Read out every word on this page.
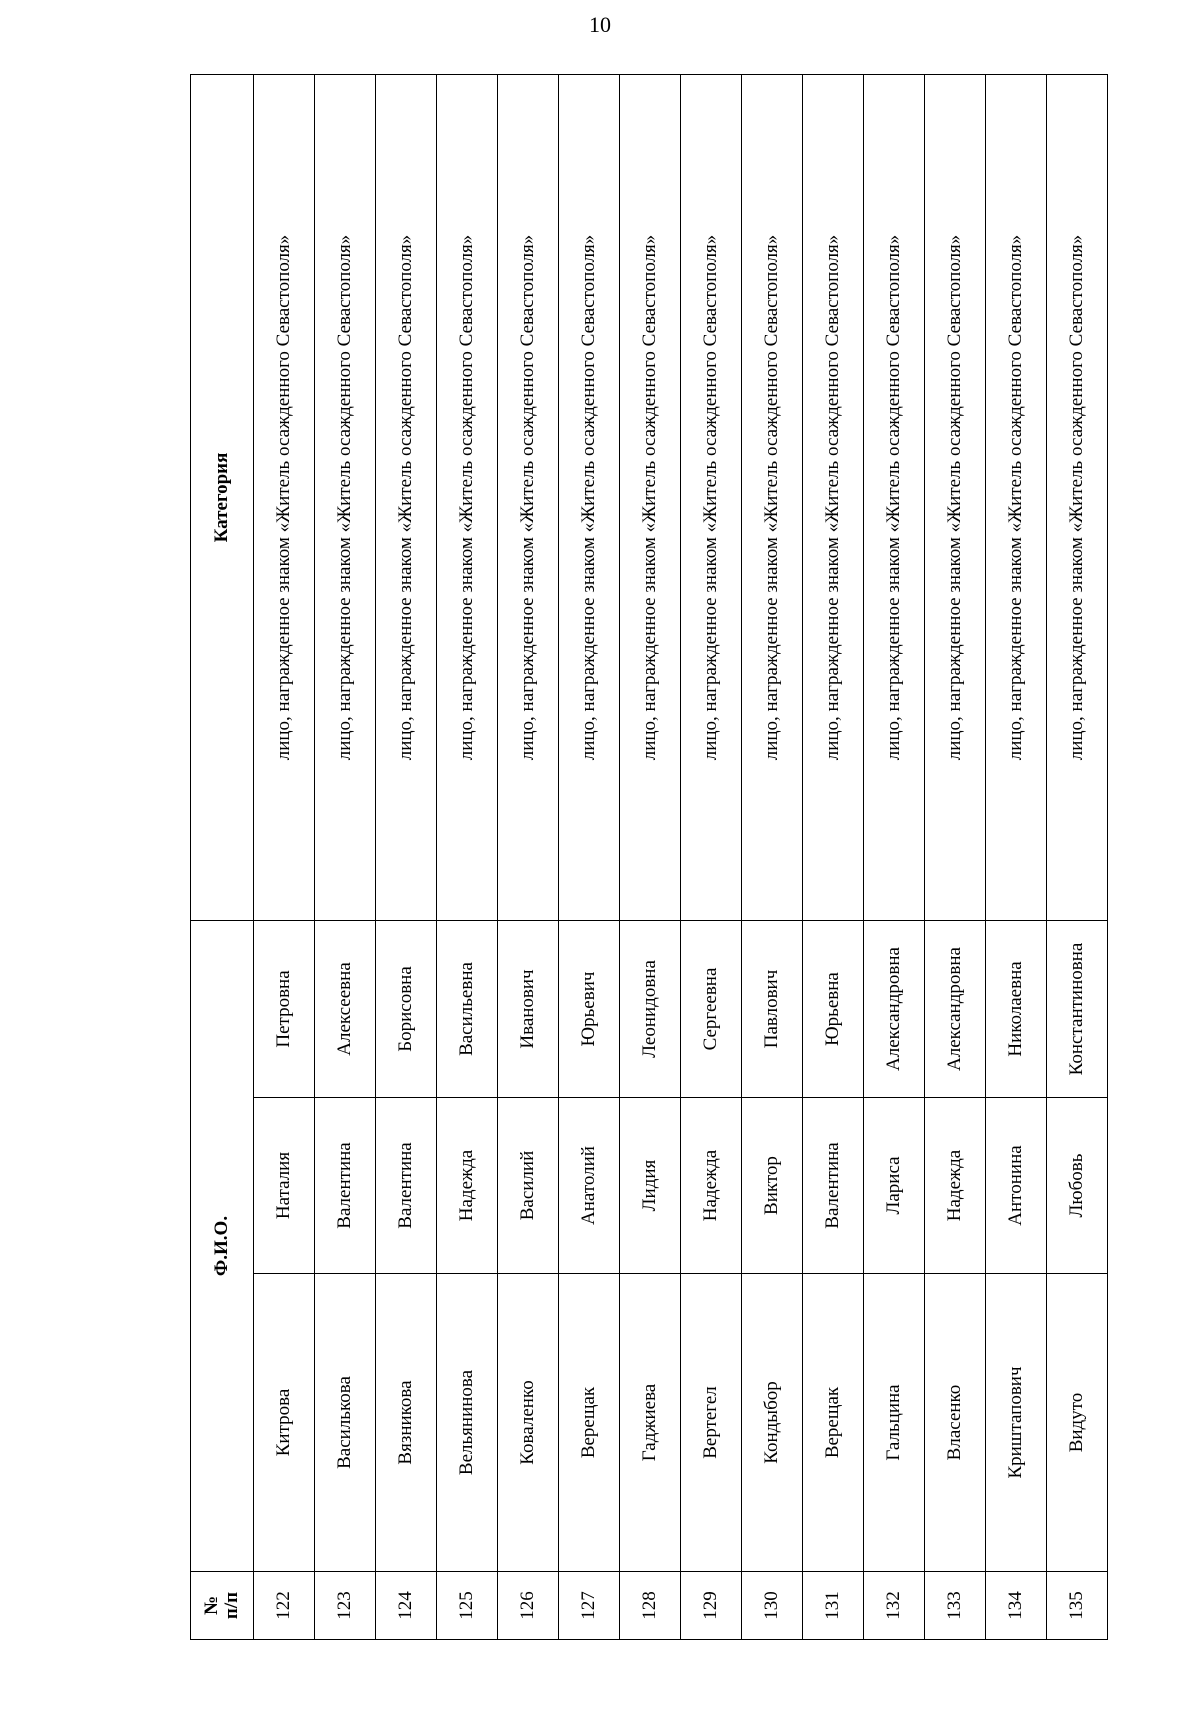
10
№ п/п	Ф.И.О.			Категория
122	Китрова	Наталия	Петровна	лицо, награжденное знаком «Житель осажденного Севастополя»
123	Василькова	Валентина	Алексеевна	лицо, награжденное знаком «Житель осажденного Севастополя»
124	Вязникова	Валентина	Борисовна	лицо, награжденное знаком «Житель осажденного Севастополя»
125	Вельянинова	Надежда	Васильевна	лицо, награжденное знаком «Житель осажденного Севастополя»
126	Коваленко	Василий	Иванович	лицо, награжденное знаком «Житель осажденного Севастополя»
127	Верещак	Анатолий	Юрьевич	лицо, награжденное знаком «Житель осажденного Севастополя»
128	Гаджиева	Лидия	Леонидовна	лицо, награжденное знаком «Житель осажденного Севастополя»
129	Вертегел	Надежда	Сергеевна	лицо, награжденное знаком «Житель осажденного Севастополя»
130	Кондыбор	Виктор	Павлович	лицо, награжденное знаком «Житель осажденного Севастополя»
131	Верещак	Валентина	Юрьевна	лицо, награжденное знаком «Житель осажденного Севастополя»
132	Гальцина	Лариса	Александровна	лицо, награжденное знаком «Житель осажденного Севастополя»
133	Власенко	Надежда	Александровна	лицо, награжденное знаком «Житель осажденного Севастополя»
134	Криштапович	Антонина	Николаевна	лицо, награжденное знаком «Житель осажденного Севастополя»
135	Видуто	Любовь	Константиновна	лицо, награжденное знаком «Житель осажденного Севастополя»
